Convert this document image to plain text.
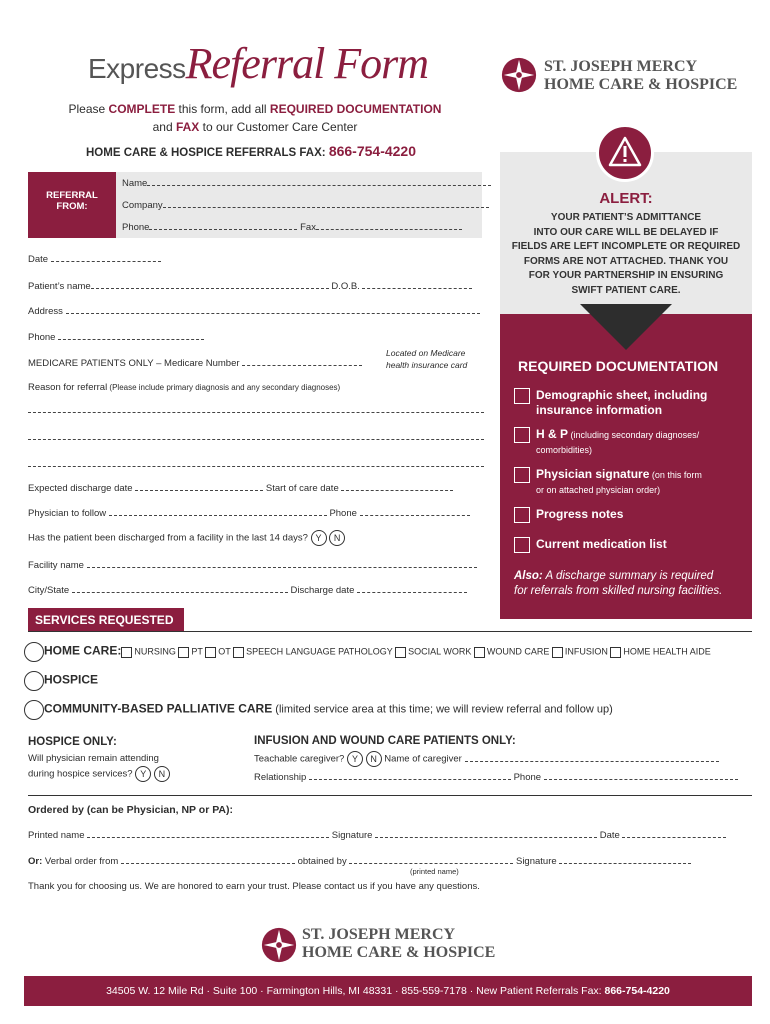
ExpressReferral Form	ST. JOSEPH MERCY
HOME CARE & HOSPICE
Please COMPLETE this form, add all REQUIRED DOCUMENTATION
and FAX to our Customer Care Center
HOME CARE & HOSPICE REFERRALS FAX: 866-754-4220
REFERRAL
FROM:
Name
Company
Phone	Fax
Date
Patient’s name	D.O.B.
Address
Phone
MEDICARE PATIENTS ONLY – Medicare Number
Located on Medicare
health insurance card
Reason for referral (Please include primary diagnosis and any secondary diagnoses)
Expected discharge date	Start of care date
Physician to follow	Phone
Has the patient been discharged from a facility in the last 14 days? Y N
Facility name
City/State	Discharge date
ALERT:
YOUR PATIENT’S ADMITTANCE
INTO OUR CARE WILL BE DELAYED IF
FIELDS ARE LEFT INCOMPLETE OR REQUIRED
FORMS ARE NOT ATTACHED. THANK YOU
FOR YOUR PARTNERSHIP IN ENSURING
SWIFT PATIENT CARE.
REQUIRED DOCUMENTATION
Demographic sheet, including
insurance information
H & P (including secondary diagnoses/
comorbidities)
Physician signature (on this form
or on attached physician order)
Progress notes
Current medication list
Also: A discharge summary is required
for referrals from skilled nursing facilities.
SERVICES REQUESTED
HOME CARE: NURSING PT OT SPEECH LANGUAGE PATHOLOGY SOCIAL WORK WOUND CARE INFUSION HOME HEALTH AIDE
HOSPICE
COMMUNITY-BASED PALLIATIVE CARE (limited service area at this time; we will review referral and follow up)
HOSPICE ONLY:
Will physician remain attending
during hospice services? Y N
INFUSION AND WOUND CARE PATIENTS ONLY:
Teachable caregiver? Y N Name of caregiver
Relationship	Phone
Ordered by (can be Physician, NP or PA):
Printed name	Signature	Date
Or: Verbal order from	obtained by	Signature
(printed name)
Thank you for choosing us. We are honored to earn your trust. Please contact us if you have any questions.
ST. JOSEPH MERCY
HOME CARE & HOSPICE
34505 W. 12 Mile Rd · Suite 100 · Farmington Hills, MI 48331 · 855-559-7178 · New Patient Referrals Fax: 866-754-4220
